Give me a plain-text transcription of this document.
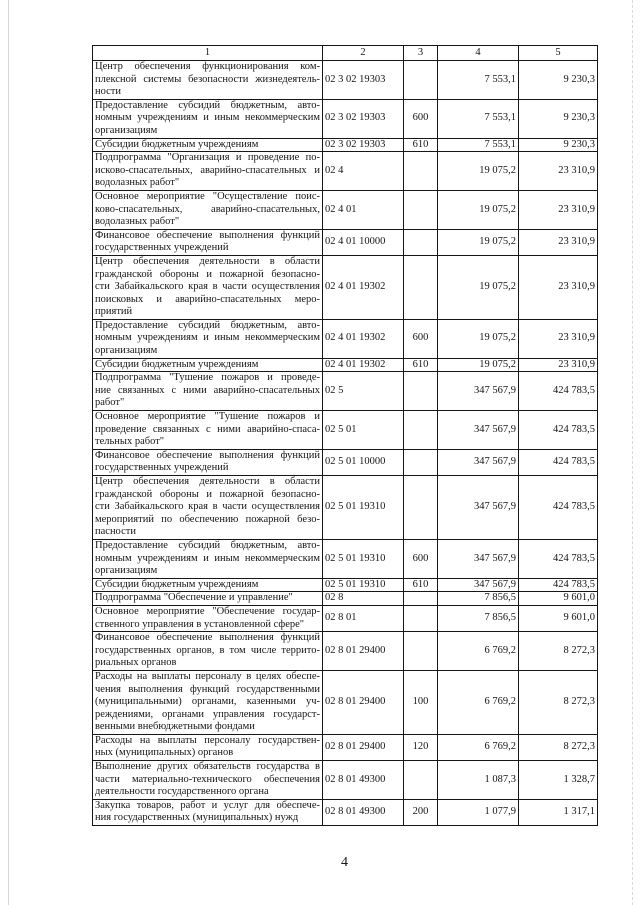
1	2	3	4	5

Центр обеспечения функционирования ком-
плексной системы безопасности жизнедеятель-
ности	02 3 02 19303		7 553,1	9 230,3

Предоставление субсидий бюджетным, авто-
номным учреждениям и иным некоммерческим
организациям	02 3 02 19303	600	7 553,1	9 230,3

Субсидии бюджетным учреждениям	02 3 02 19303	610	7 553,1	9 230,3

Подпрограмма "Организация и проведение по-
исково-спасательных, аварийно-спасательных и
водолазных работ"	02 4		19 075,2	23 310,9

Основное мероприятие "Осуществление поис-
ково-спасательных, аварийно-спасательных,
водолазных работ"	02 4 01		19 075,2	23 310,9

Финансовое обеспечение выполнения функций
государственных учреждений	02 4 01 10000		19 075,2	23 310,9

Центр обеспечения деятельности в области
гражданской обороны и пожарной безопасно-
сти Забайкальского края в части осуществления
поисковых и аварийно-спасательных меро-
приятий	02 4 01 19302		19 075,2	23 310,9

Предоставление субсидий бюджетным, авто-
номным учреждениям и иным некоммерческим
организациям	02 4 01 19302	600	19 075,2	23 310,9

Субсидии бюджетным учреждениям	02 4 01 19302	610	19 075,2	23 310,9

Подпрограмма "Тушение пожаров и проведе-
ние связанных с ними аварийно-спасательных
работ"	02 5		347 567,9	424 783,5

Основное мероприятие "Тушение пожаров и
проведение связанных с ними аварийно-спаса-
тельных работ"	02 5 01		347 567,9	424 783,5

Финансовое обеспечение выполнения функций
государственных учреждений	02 5 01 10000		347 567,9	424 783,5

Центр обеспечения деятельности в области
гражданской обороны и пожарной безопасно-
сти Забайкальского края в части осуществления
мероприятий по обеспечению пожарной безо-
пасности	02 5 01 19310		347 567,9	424 783,5

Предоставление субсидий бюджетным, авто-
номным учреждениям и иным некоммерческим
организациям	02 5 01 19310	600	347 567,9	424 783,5

Субсидии бюджетным учреждениям	02 5 01 19310	610	347 567,9	424 783,5

Подпрограмма "Обеспечение и управление"	02 8		7 856,5	9 601,0

Основное мероприятие "Обеспечение государ-
ственного управления в установленной сфере"	02 8 01		7 856,5	9 601,0

Финансовое обеспечение выполнения функций
государственных органов, в том числе террито-
риальных органов	02 8 01 29400		6 769,2	8 272,3

Расходы на выплаты персоналу в целях обеспе-
чения выполнения функций государственными
(муниципальными) органами, казенными уч-
реждениями, органами управления государст-
венными внебюджетными фондами	02 8 01 29400	100	6 769,2	8 272,3

Расходы на выплаты персоналу государствен-
ных (муниципальных) органов	02 8 01 29400	120	6 769,2	8 272,3

Выполнение других обязательств государства в
части материально-технического обеспечения
деятельности государственного органа	02 8 01 49300		1 087,3	1 328,7

Закупка товаров, работ и услуг для обеспече-
ния государственных (муниципальных) нужд	02 8 01 49300	200	1 077,9	1 317,1
4
